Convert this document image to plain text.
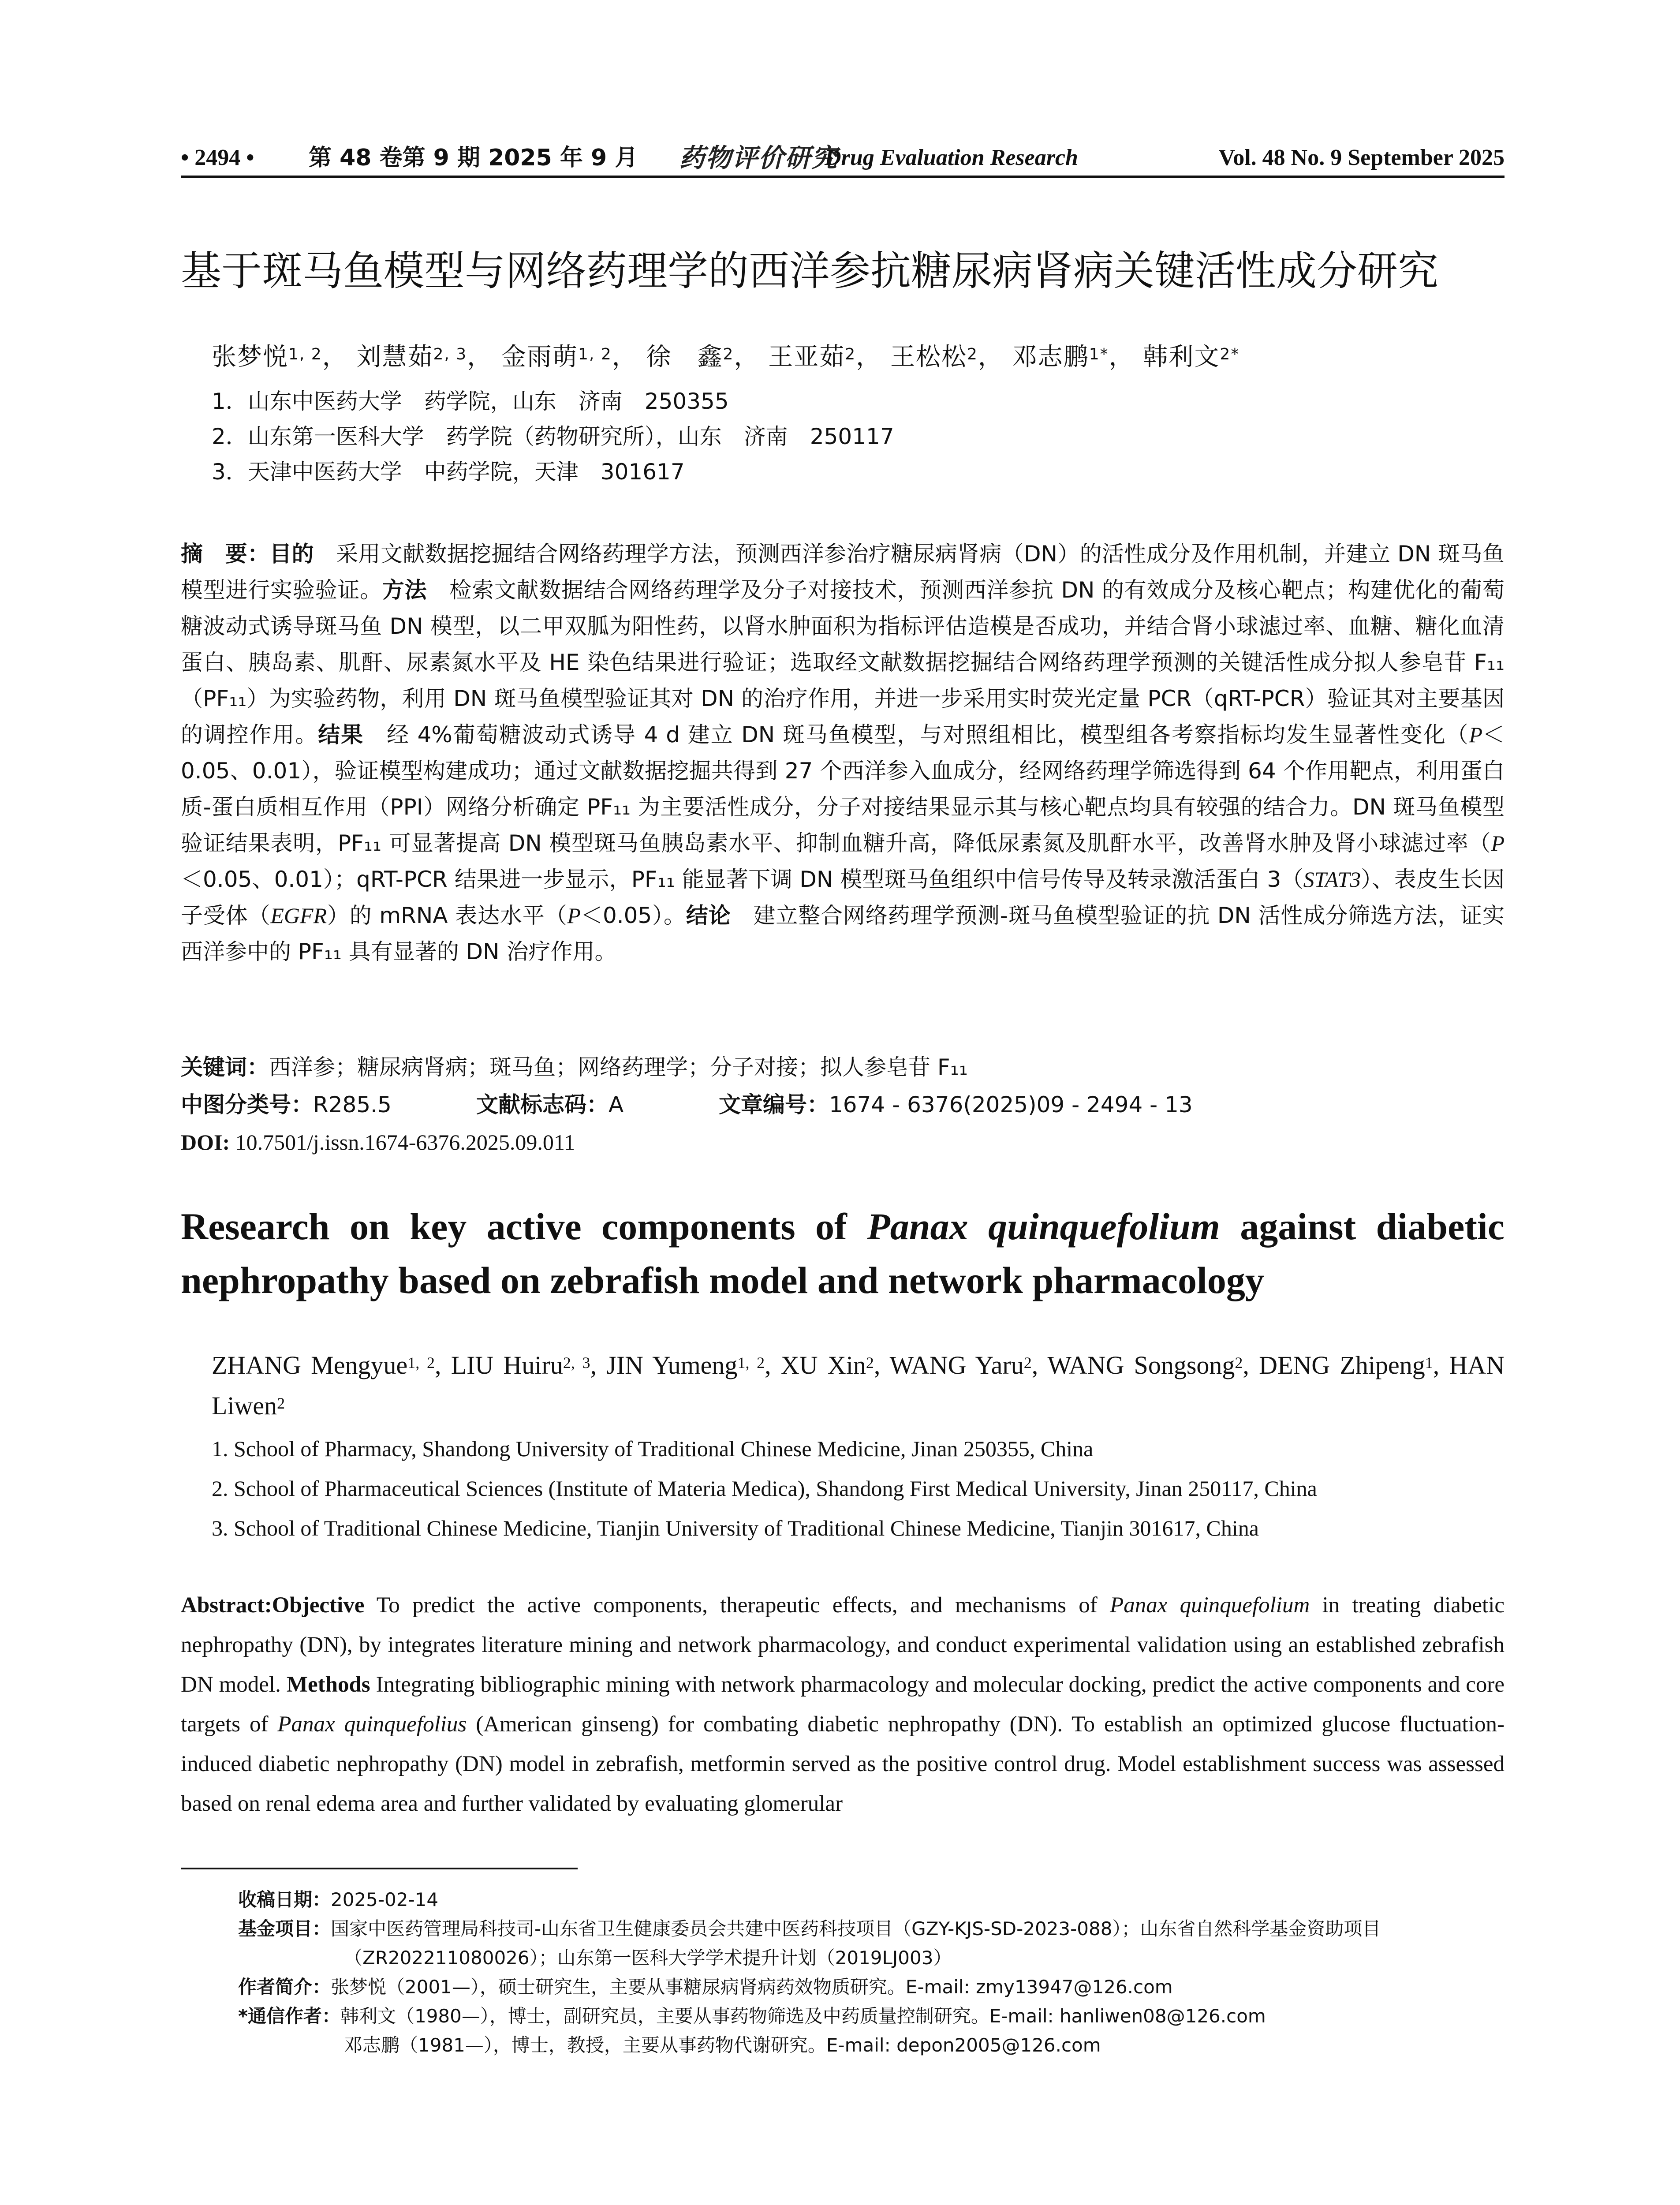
• 2494 • 第 48 卷第 9 期 2025 年 9 月 药物评价研究
Drug Evaluation Research	Vol. 48 No. 9 September 2025
基于斑马鱼模型与网络药理学的西洋参抗糖尿病肾病关键活性成分研究
张梦悦$^{1, 2}$， 刘慧茹$^{2, 3}$， 金雨萌$^{1, 2}$， 徐　鑫$^2$， 王亚茹$^2$， 王松松$^2$， 邓志鹏$^{1*}$， 韩利文$^{2*}$
1．山东中医药大学　药学院，山东　济南　250355
2．山东第一医科大学　药学院（药物研究所），山东　济南　250117
3．天津中医药大学　中药学院，天津　301617
摘　要：目的　采用文献数据挖掘结合网络药理学方法，预测西洋参治疗糖尿病肾病（DN）的活性成分及作用机制，并建立 DN 斑马鱼模型进行实验验证。方法　检索文献数据结合网络药理学及分子对接技术，预测西洋参抗 DN 的有效成分及核心靶点；构建优化的葡萄糖波动式诱导斑马鱼 DN 模型，以二甲双胍为阳性药，以肾水肿面积为指标评估造模是否成功，并结合肾小球滤过率、血糖、糖化血清蛋白、胰岛素、肌酐、尿素氮水平及 HE 染色结果进行验证；选取经文献数据挖掘结合网络药理学预测的关键活性成分拟人参皂苷 F₁₁（PF₁₁）为实验药物，利用 DN 斑马鱼模型验证其对 DN 的治疗作用，并进一步采用实时荧光定量 PCR（qRT-PCR）验证其对主要基因的调控作用。结果　经 4%葡萄糖波动式诱导 4 d 建立 DN 斑马鱼模型，与对照组相比，模型组各考察指标均发生显著性变化（P＜0.05、0.01），验证模型构建成功；通过文献数据挖掘共得到 27 个西洋参入血成分，经网络药理学筛选得到 64 个作用靶点，利用蛋白质-蛋白质相互作用（PPI）网络分析确定 PF₁₁ 为主要活性成分，分子对接结果显示其与核心靶点均具有较强的结合力。DN 斑马鱼模型验证结果表明，PF₁₁ 可显著提高 DN 模型斑马鱼胰岛素水平、抑制血糖升高，降低尿素氮及肌酐水平，改善肾水肿及肾小球滤过率（P＜0.05、0.01）；qRT-PCR 结果进一步显示，PF₁₁ 能显著下调 DN 模型斑马鱼组织中信号传导及转录激活蛋白 3（STAT3）、表皮生长因子受体（EGFR）的 mRNA 表达水平（P＜0.05）。结论　建立整合网络药理学预测-斑马鱼模型验证的抗 DN 活性成分筛选方法，证实西洋参中的 PF₁₁ 具有显著的 DN 治疗作用。
关键词：西洋参；糖尿病肾病；斑马鱼；网络药理学；分子对接；拟人参皂苷 F₁₁
中图分类号：R285.5	文献标志码：A	文章编号：1674 - 6376(2025)09 - 2494 - 13
DOI: 10.7501/j.issn.1674-6376.2025.09.011
Research on key active components of Panax quinquefolium against diabetic nephropathy based on zebrafish model and network pharmacology
ZHANG Mengyue$^{1, 2}$, LIU Huiru$^{2, 3}$, JIN Yumeng$^{1, 2}$, XU Xin$^2$, WANG Yaru$^2$, WANG Songsong$^2$, DENG Zhipeng$^1$, HAN Liwen$^2$
1. School of Pharmacy, Shandong University of Traditional Chinese Medicine, Jinan 250355, China
2. School of Pharmaceutical Sciences (Institute of Materia Medica), Shandong First Medical University, Jinan 250117, China
3. School of Traditional Chinese Medicine, Tianjin University of Traditional Chinese Medicine, Tianjin 301617, China
Abstract:Objective To predict the active components, therapeutic effects, and mechanisms of Panax quinquefolium in treating diabetic nephropathy (DN), by integrates literature mining and network pharmacology, and conduct experimental validation using an established zebrafish DN model. Methods Integrating bibliographic mining with network pharmacology and molecular docking, predict the active components and core targets of Panax quinquefolius (American ginseng) for combating diabetic nephropathy (DN). To establish an optimized glucose fluctuation-induced diabetic nephropathy (DN) model in zebrafish, metformin served as the positive control drug. Model establishment success was assessed based on renal edema area and further validated by evaluating glomerular
收稿日期：2025-02-14
基金项目：国家中医药管理局科技司-山东省卫生健康委员会共建中医药科技项目（GZY-KJS-SD-2023-088）；山东省自然科学基金资助项目
（ZR202211080026）；山东第一医科大学学术提升计划（2019LJ003）
作者简介：张梦悦（2001—），硕士研究生，主要从事糖尿病肾病药效物质研究。E-mail: zmy13947@126.com
*通信作者：韩利文（1980—），博士，副研究员，主要从事药物筛选及中药质量控制研究。E-mail: hanliwen08@126.com
邓志鹏（1981—），博士，教授，主要从事药物代谢研究。E-mail: depon2005@126.com
